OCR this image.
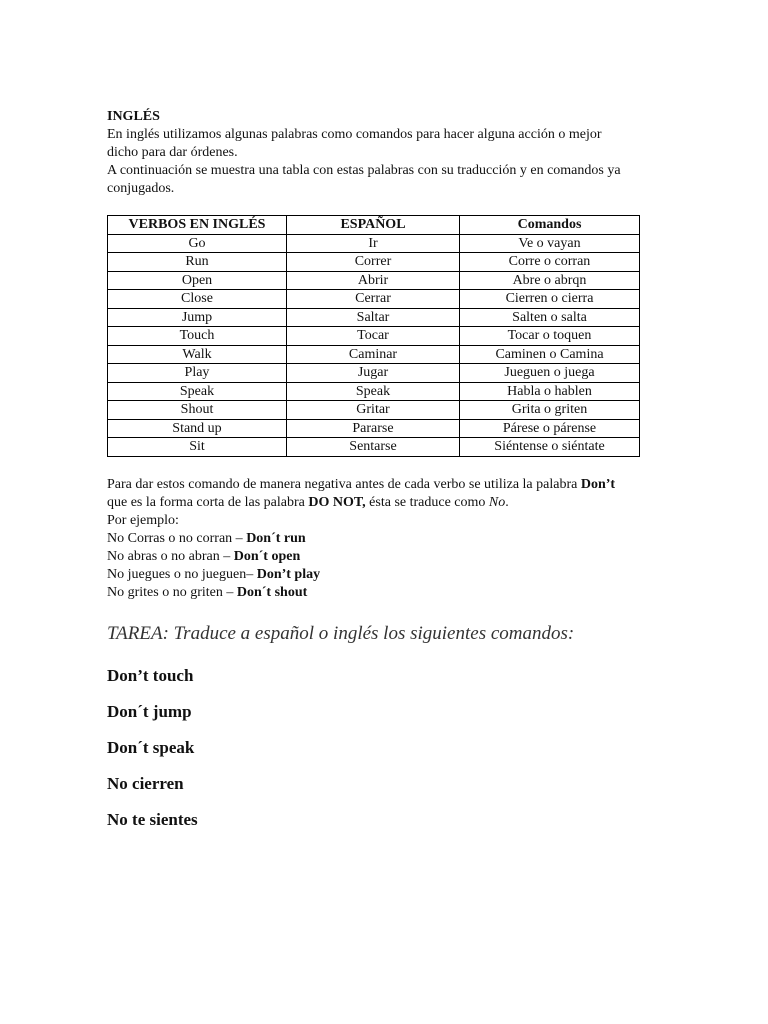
INGLÉS

En inglés utilizamos algunas palabras como comandos para hacer alguna acción o mejor

dicho para dar órdenes.

A continuación se muestra una tabla con estas palabras con su traducción y en comandos ya

conjugados.

VERBOS EN INGLÉS	ESPAÑOL	Comandos
Go	Ir	Ve o vayan
Run	Correr	Corre o corran
Open	Abrir	Abre o abrqn
Close	Cerrar	Cierren o cierra
Jump	Saltar	Salten o salta
Touch	Tocar	Tocar o toquen
Walk	Caminar	Caminen o Camina
Play	Jugar	Jueguen o juega
Speak	Speak	Habla o hablen
Shout	Gritar	Grita o griten
Stand up	Pararse	Párese o párense
Sit	Sentarse	Siéntense o siéntate

Para dar estos comando de manera negativa antes de cada verbo se utiliza la palabra Don’t

que es la forma corta de las palabra DO NOT, ésta se traduce como No.

Por ejemplo:

No Corras o no corran – Don´t run

No abras o no abran – Don´t open

No juegues o no jueguen– Don’t play

No grites o no griten – Don´t shout

TAREA: Traduce a español o inglés los siguientes comandos:

Don’t touch

Don´t jump

Don´t speak

No cierren

No te sientes
